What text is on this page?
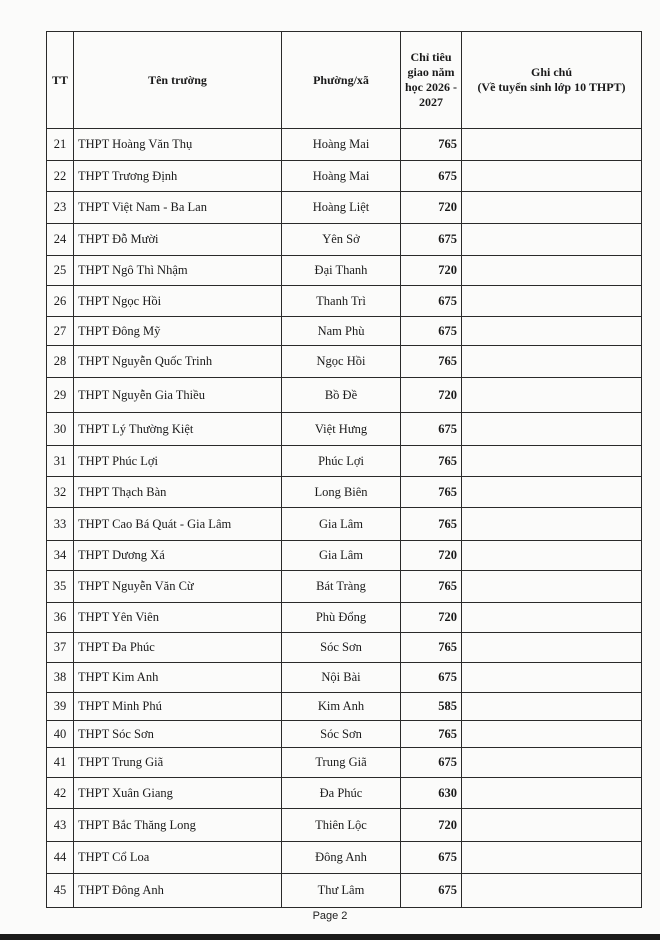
TT	Tên trường	Phường/xã	Chỉ tiêu giao năm học 2026 - 2027	Ghi chú
(Về tuyển sinh lớp 10 THPT)
21	THPT Hoàng Văn Thụ	Hoàng Mai	765	
22	THPT Trương Định	Hoàng Mai	675	
23	THPT Việt Nam - Ba Lan	Hoàng Liệt	720	
24	THPT Đỗ Mười	Yên Sở	675	
25	THPT Ngô Thì Nhậm	Đại Thanh	720	
26	THPT Ngọc Hồi	Thanh Trì	675	
27	THPT Đông Mỹ	Nam Phù	675	
28	THPT Nguyễn Quốc Trinh	Ngọc Hồi	765	
29	THPT Nguyễn Gia Thiều	Bồ Đề	720	
30	THPT Lý Thường Kiệt	Việt Hưng	675	
31	THPT Phúc Lợi	Phúc Lợi	765	
32	THPT Thạch Bàn	Long Biên	765	
33	THPT Cao Bá Quát - Gia Lâm	Gia Lâm	765	
34	THPT Dương Xá	Gia Lâm	720	
35	THPT Nguyễn Văn Cừ	Bát Tràng	765	
36	THPT Yên Viên	Phù Đổng	720	
37	THPT Đa Phúc	Sóc Sơn	765	
38	THPT Kim Anh	Nội Bài	675	
39	THPT Minh Phú	Kim Anh	585	
40	THPT Sóc Sơn	Sóc Sơn	765	
41	THPT Trung Giã	Trung Giã	675	
42	THPT Xuân Giang	Đa Phúc	630	
43	THPT Bắc Thăng Long	Thiên Lộc	720	
44	THPT Cổ Loa	Đông Anh	675	
45	THPT Đông Anh	Thư Lâm	675	
Page 2
